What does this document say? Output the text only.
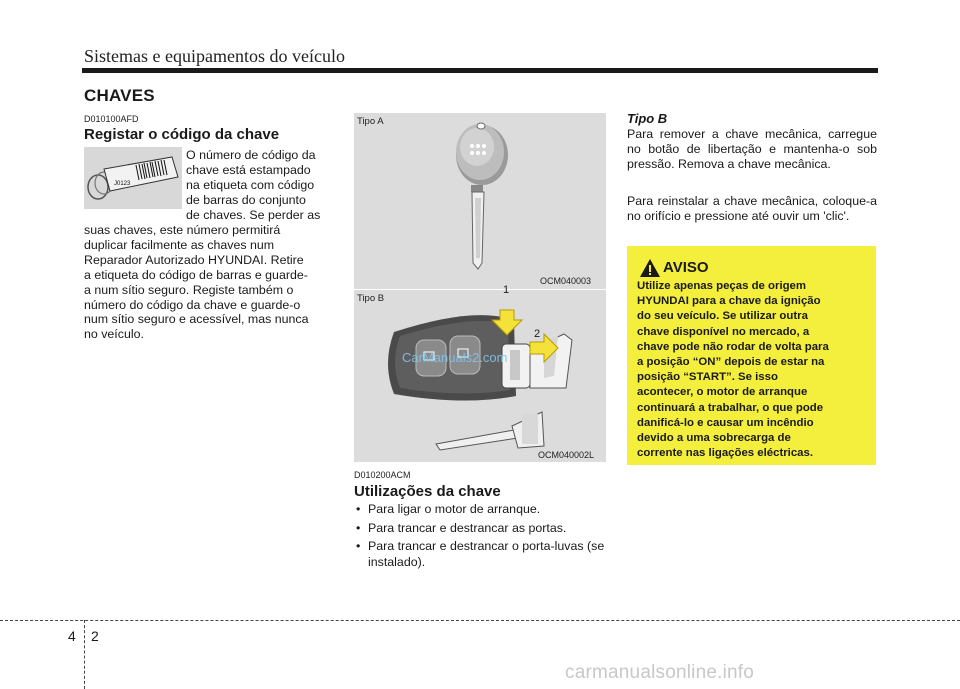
Sistemas e equipamentos do veículo
CHAVES
D010100AFD
Registar o código da chave
J0123
O número de código da
chave está estampado
na etiqueta com código
de barras do conjunto
de chaves. Se perder as
suas chaves, este número permitirá
duplicar facilmente as chaves num
Reparador Autorizado HYUNDAI. Retire
a etiqueta do código de barras e guarde-
a num sítio seguro. Registe também o
número do código da chave e guarde-o
num sítio seguro e acessível, mas nunca
no veículo.
Tipo A
OCM040003
Tipo B
1
2
CarManuals2.com
OCM040002L
D010200ACM
Utilizações da chave
• Para ligar o motor de arranque.
• Para trancar e destrancar as portas.
• Para trancar e destrancar o porta-luvas (se instalado).
Tipo B
Para remover a chave mecânica, carregue no botão de libertação e mantenha-o sob pressão. Remova a chave mecânica.
Para reinstalar a chave mecânica, coloque-a no orifício e pressione até ouvir um 'clic'.
AVISO
Utilize apenas peças de origem
HYUNDAI para a chave da ignição
do seu veículo. Se utilizar outra
chave disponível no mercado, a
chave pode não rodar de volta para
a posição “ON” depois de estar na
posição “START”. Se isso
acontecer, o motor de arranque
continuará a trabalhar, o que pode
danificá-lo e causar um incêndio
devido a uma sobrecarga de
corrente nas ligações eléctricas.
4 2
carmanualsonline.info
